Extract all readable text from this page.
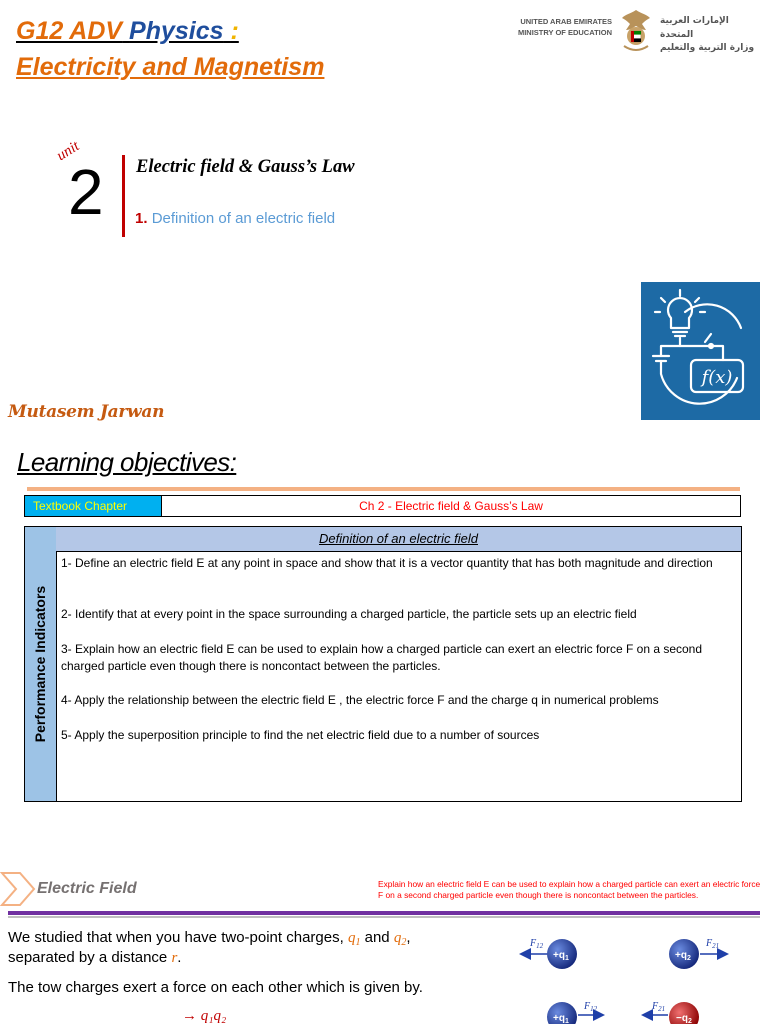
G12 ADV Physics :
Electricity and Magnetism
UNITED ARAB EMIRATES
MINISTRY OF EDUCATION
الإمارات العربية المتحدة
وزارة التربية والتعليم
unit
2 Electric field & Gauss’s Law
1. Definition of an electric field
f(x)
Mutasem Jarwan
Learning objectives:
Textbook Chapter	Ch 2 - Electric field & Gauss’s Law
Performance Indicators
Definition of an electric field
1- Define an electric field E at any point in space and show that it is a vector quantity that has both magnitude and direction
2- Identify that at every point in the space surrounding a charged particle, the particle sets up an electric field
3- Explain how an electric field E can be used to explain how a charged particle can exert an electric force F on a second charged particle even though there is noncontact between the particles.
4- Apply the relationship between the electric field E , the electric force F and the charge q in numerical problems
5- Apply the superposition principle to find the net electric field due to a number of sources
Electric Field	Explain how an electric field E can be used to explain how a charged particle can exert an electric force F on a second charged particle even though there is noncontact between the particles.
We studied that when you have two-point charges, $q_1$ and $q_2$,
separated by a distance r.
The tow charges exert a force on each other which is given by.
→ q₁q₂
$F_{12}$
$+q_1$	$+q_2$
$F_{21}$
$+q_1$
$F_{12}$	$F_{21}$
$-q_2$
